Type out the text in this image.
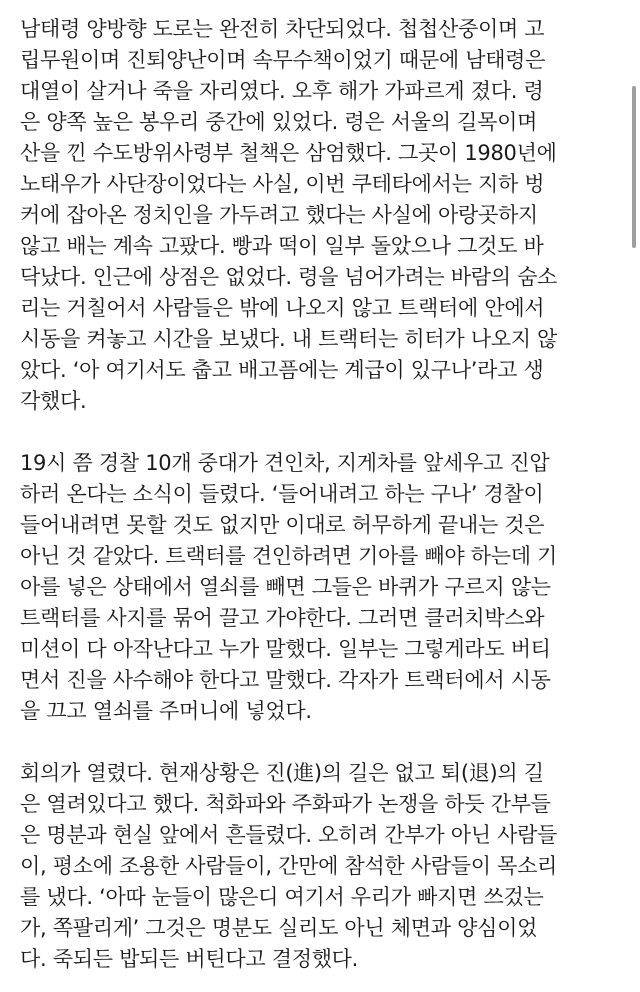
남태령 양방향 도로는 완전히 차단되었다. 첩첩산중이며 고
립무원이며 진퇴양난이며 속무수책이었기 때문에 남태령은
대열이 살거나 죽을 자리였다. 오후 해가 가파르게 졌다. 령
은 양쪽 높은 봉우리 중간에 있었다. 령은 서울의 길목이며
산을 낀 수도방위사령부 철책은 삼엄했다. 그곳이 1980년에
노태우가 사단장이었다는 사실, 이번 쿠테타에서는 지하 벙
커에 잡아온 정치인을 가두려고 했다는 사실에 아랑곳하지
않고 배는 계속 고팠다. 빵과 떡이 일부 돌았으나 그것도 바
닥났다. 인근에 상점은 없었다. 령을 넘어가려는 바람의 숨소
리는 거칠어서 사람들은 밖에 나오지 않고 트랙터에 안에서
시동을 켜놓고 시간을 보냈다. 내 트랙터는 히터가 나오지 않
았다. ‘아 여기서도 춥고 배고픔에는 계급이 있구나’라고 생
각했다.

19시 쯤 경찰 10개 중대가 견인차, 지게차를 앞세우고 진압
하러 온다는 소식이 들렸다. ‘들어내려고 하는 구나’ 경찰이
들어내려면 못할 것도 없지만 이대로 허무하게 끝내는 것은
아닌 것 같았다. 트랙터를 견인하려면 기아를 빼야 하는데 기
아를 넣은 상태에서 열쇠를 빼면 그들은 바퀴가 구르지 않는
트랙터를 사지를 묶어 끌고 가야한다. 그러면 클러치박스와
미션이 다 아작난다고 누가 말했다. 일부는 그렇게라도 버티
면서 진을 사수해야 한다고 말했다. 각자가 트랙터에서 시동
을 끄고 열쇠를 주머니에 넣었다.

회의가 열렸다. 현재상황은 진(進)의 길은 없고 퇴(退)의 길
은 열려있다고 했다. 척화파와 주화파가 논쟁을 하듯 간부들
은 명분과 현실 앞에서 흔들렸다. 오히려 간부가 아닌 사람들
이, 평소에 조용한 사람들이, 간만에 참석한 사람들이 목소리
를 냈다. ‘아따 눈들이 많은디 여기서 우리가 빠지면 쓰겄는
가, 쪽팔리게’ 그것은 명분도 실리도 아닌 체면과 양심이었
다. 죽되든 밥되든 버틴다고 결정했다.
